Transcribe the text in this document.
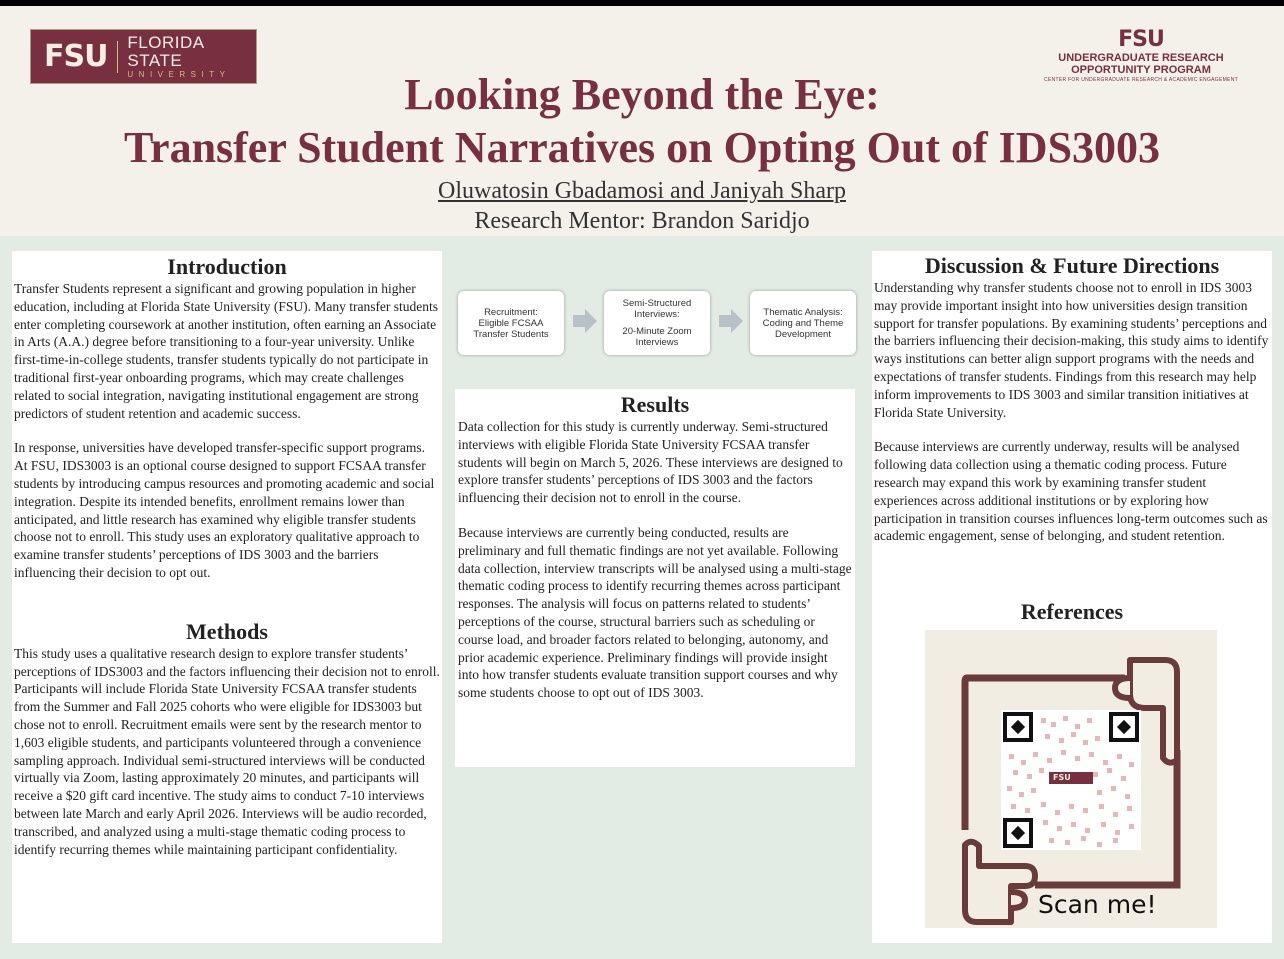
FSU FLORIDA STATE
UNIVERSITY
FSU
UNDERGRADUATE RESEARCH
OPPORTUNITY PROGRAM
CENTER FOR UNDERGRADUATE RESEARCH & ACADEMIC ENGAGEMENT
Looking Beyond the Eye:
Transfer Student Narratives on Opting Out of IDS3003
Oluwatosin Gbadamosi and Janiyah Sharp
Research Mentor: Brandon Saridjo
Introduction

Transfer Students represent a significant and growing population in higher education, including at Florida State University (FSU). Many transfer students enter completing coursework at another institution, often earning an Associate in Arts (A.A.) degree before transitioning to a four-year university. Unlike first-time-in-college students, transfer students typically do not participate in traditional first-year onboarding programs, which may create challenges related to social integration, navigating institutional engagement are strong predictors of student retention and academic success.

In response, universities have developed transfer-specific support programs. At FSU, IDS3003 is an optional course designed to support FCSAA transfer students by introducing campus resources and promoting academic and social integration. Despite its intended benefits, enrollment remains lower than anticipated, and little research has examined why eligible transfer students choose not to enroll. This study uses an exploratory qualitative approach to examine transfer students’ perceptions of IDS 3003 and the barriers influencing their decision to opt out.

Methods

This study uses a qualitative research design to explore transfer students’ perceptions of IDS3003 and the factors influencing their decision not to enroll. Participants will include Florida State University FCSAA transfer students from the Summer and Fall 2025 cohorts who were eligible for IDS3003 but chose not to enroll. Recruitment emails were sent by the research mentor to 1,603 eligible students, and participants volunteered through a convenience sampling approach. Individual semi-structured interviews will be conducted virtually via Zoom, lasting approximately 20 minutes, and participants will receive a $20 gift card incentive. The study aims to conduct 7-10 interviews between late March and early April 2026. Interviews will be audio recorded, transcribed, and analyzed using a multi-stage thematic coding process to identify recurring themes while maintaining participant confidentiality.

Recruitment:
Eligible FCSAA
Transfer Students
Semi-Structured
Interviews:
20-Minute Zoom
Interviews
Thematic Analysis:
Coding and Theme
Development
Results

Data collection for this study is currently underway. Semi-structured interviews with eligible Florida State University FCSAA transfer students will begin on March 5, 2026. These interviews are designed to explore transfer students’ perceptions of IDS 3003 and the factors influencing their decision not to enroll in the course.

Because interviews are currently being conducted, results are preliminary and full thematic findings are not yet available. Following data collection, interview transcripts will be analysed using a multi-stage thematic coding process to identify recurring themes across participant responses. The analysis will focus on patterns related to students’ perceptions of the course, structural barriers such as scheduling or course load, and broader factors related to belonging, autonomy, and prior academic experience. Preliminary findings will provide insight into how transfer students evaluate transition support courses and why some students choose to opt out of IDS 3003.

Discussion & Future Directions

Understanding why transfer students choose not to enroll in IDS 3003 may provide important insight into how universities design transition support for transfer populations. By examining students’ perceptions and the barriers influencing their decision-making, this study aims to identify ways institutions can better align support programs with the needs and expectations of transfer students. Findings from this research may help inform improvements to IDS 3003 and similar transition initiatives at Florida State University.

Because interviews are currently underway, results will be analysed following data collection using a thematic coding process. Future research may expand this work by examining transfer student experiences across additional institutions or by exploring how participation in transition courses influences long-term outcomes such as academic engagement, sense of belonging, and student retention.

References
FSU
Scan me!
